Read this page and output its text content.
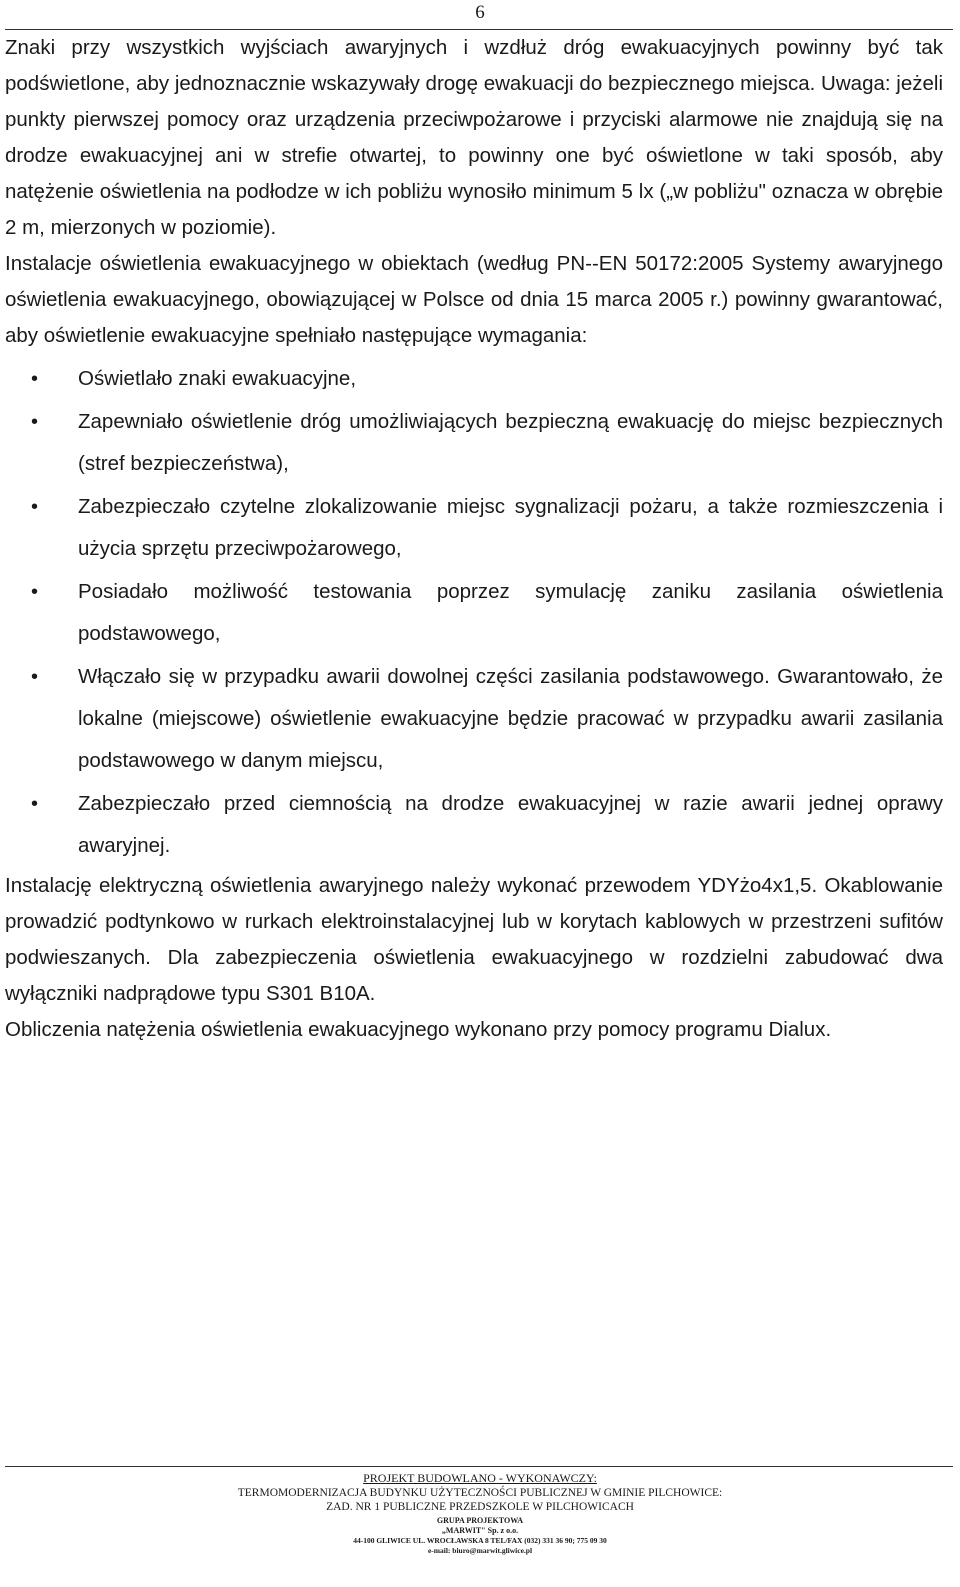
6

Znaki przy wszystkich wyjściach awaryjnych i wzdłuż dróg ewakuacyjnych powinny być tak podświetlone, aby jednoznacznie wskazywały drogę ewakuacji do bezpiecznego miejsca. Uwaga: jeżeli punkty pierwszej pomocy oraz urządzenia przeciwpożarowe i przyciski alarmowe nie znajdują się na drodze ewakuacyjnej ani w strefie otwartej, to powinny one być oświetlone w taki sposób, aby natężenie oświetlenia na podłodze w ich pobliżu wynosiło minimum 5 lx („w pobliżu" oznacza w obrębie 2 m, mierzonych w poziomie).

Instalacje oświetlenia ewakuacyjnego w obiektach (według PN--EN 50172:2005 Systemy awaryjnego oświetlenia ewakuacyjnego, obowiązującej w Polsce od dnia 15 marca 2005 r.) powinny gwarantować, aby oświetlenie ewakuacyjne spełniało następujące wymagania:

• Oświetlało znaki ewakuacyjne,
• Zapewniało oświetlenie dróg umożliwiających bezpieczną ewakuację do miejsc bezpiecznych (stref bezpieczeństwa),
• Zabezpieczało czytelne zlokalizowanie miejsc sygnalizacji pożaru, a także rozmieszczenia i użycia sprzętu przeciwpożarowego,
• Posiadało możliwość testowania poprzez symulację zaniku zasilania oświetlenia podstawowego,
• Włączało się w przypadku awarii dowolnej części zasilania podstawowego. Gwarantowało, że lokalne (miejscowe) oświetlenie ewakuacyjne będzie pracować w przypadku awarii zasilania podstawowego w danym miejscu,
• Zabezpieczało przed ciemnością na drodze ewakuacyjnej w razie awarii jednej oprawy awaryjnej.

Instalację elektryczną oświetlenia awaryjnego należy wykonać przewodem YDYżo4x1,5. Okablowanie prowadzić podtynkowo w rurkach elektroinstalacyjnej lub w korytach kablowych w przestrzeni sufitów podwieszanych. Dla zabezpieczenia oświetlenia ewakuacyjnego w rozdzielni zabudować dwa wyłączniki nadprądowe typu S301 B10A.

Obliczenia natężenia oświetlenia ewakuacyjnego wykonano przy pomocy programu Dialux.

PROJEKT BUDOWLANO - WYKONAWCZY:
TERMOMODERNIZACJA BUDYNKU UŻYTECZNOŚCI PUBLICZNEJ W GMINIE PILCHOWICE:
ZAD. NR 1 PUBLICZNE PRZEDSZKOLE W PILCHOWICACH
GRUPA PROJEKTOWA
„MARWIT" Sp. z o.o.
44-100 GLIWICE UL. WROCŁAWSKA 8 TEL/FAX (032) 331 36 90; 775 09 30
e-mail: biuro@marwit.gliwice.pl
